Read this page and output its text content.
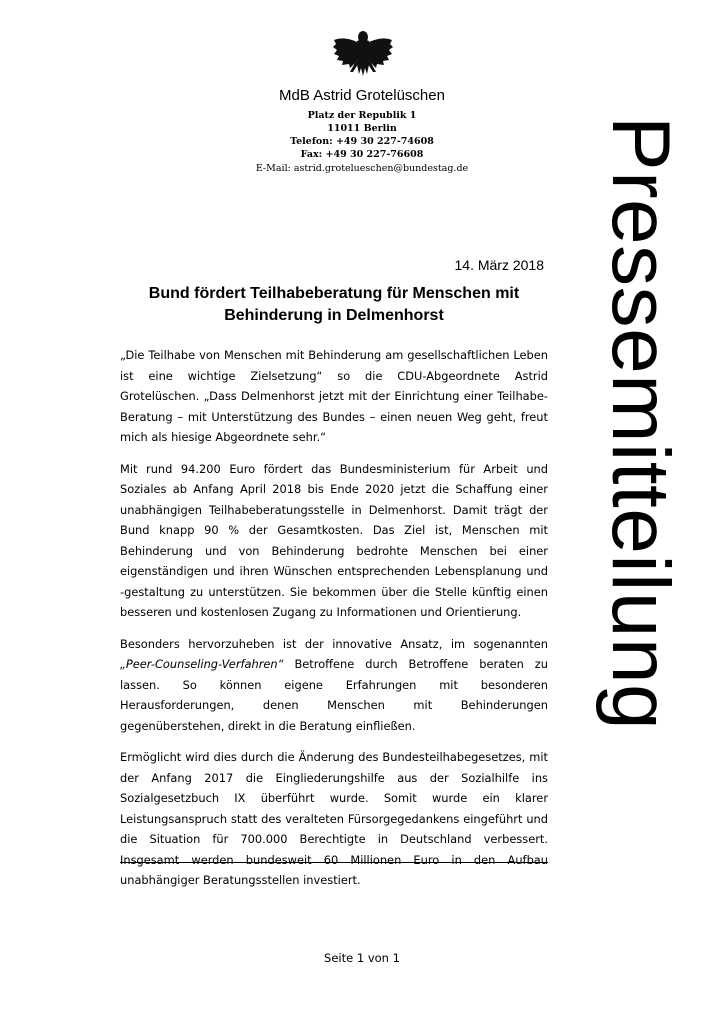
MdB Astrid Grotelüschen
Platz der Republik 1
11011 Berlin
Telefon: +49 30 227-74608
Fax: +49 30 227-76608
E-Mail: astrid.grotelueschen@bundestag.de	Pressemitteilung
14. März 2018
Bund fördert Teilhabeberatung für Menschen mit Behinderung in Delmenhorst

„Die Teilhabe von Menschen mit Behinderung am gesellschaftlichen Leben ist eine wichtige Zielsetzung“ so die CDU-Abgeordnete Astrid Grotelüschen. „Dass Delmenhorst jetzt mit der Einrichtung einer Teilhabe-Beratung – mit Unterstützung des Bundes – einen neuen Weg geht, freut mich als hiesige Abgeordnete sehr.“

Mit rund 94.200 Euro fördert das Bundesministerium für Arbeit und Soziales ab Anfang April 2018 bis Ende 2020 jetzt die Schaffung einer unabhängigen Teilhabeberatungsstelle in Delmenhorst. Damit trägt der Bund knapp 90 % der Gesamtkosten. Das Ziel ist, Menschen mit Behinderung und von Behinderung bedrohte Menschen bei einer eigenständigen und ihren Wünschen entsprechenden Lebensplanung und -gestaltung zu unterstützen. Sie bekommen über die Stelle künftig einen besseren und kostenlosen Zugang zu Informationen und Orientierung.

Besonders hervorzuheben ist der innovative Ansatz, im sogenannten „Peer-Counseling-Verfahren“ Betroffene durch Betroffene beraten zu lassen. So können eigene Erfahrungen mit besonderen Herausforderungen, denen Menschen mit Behinderungen gegenüberstehen, direkt in die Beratung einfließen.

Ermöglicht wird dies durch die Änderung des Bundesteilhabegesetzes, mit der Anfang 2017 die Eingliederungshilfe aus der Sozialhilfe ins Sozialgesetzbuch IX überführt wurde. Somit wurde ein klarer Leistungsanspruch statt des veralteten Fürsorgegedankens eingeführt und die Situation für 700.000 Berechtigte in Deutschland verbessert. Insgesamt werden bundesweit 60 Millionen Euro in den Aufbau unabhängiger Beratungsstellen investiert.

Seite 1 von 1
